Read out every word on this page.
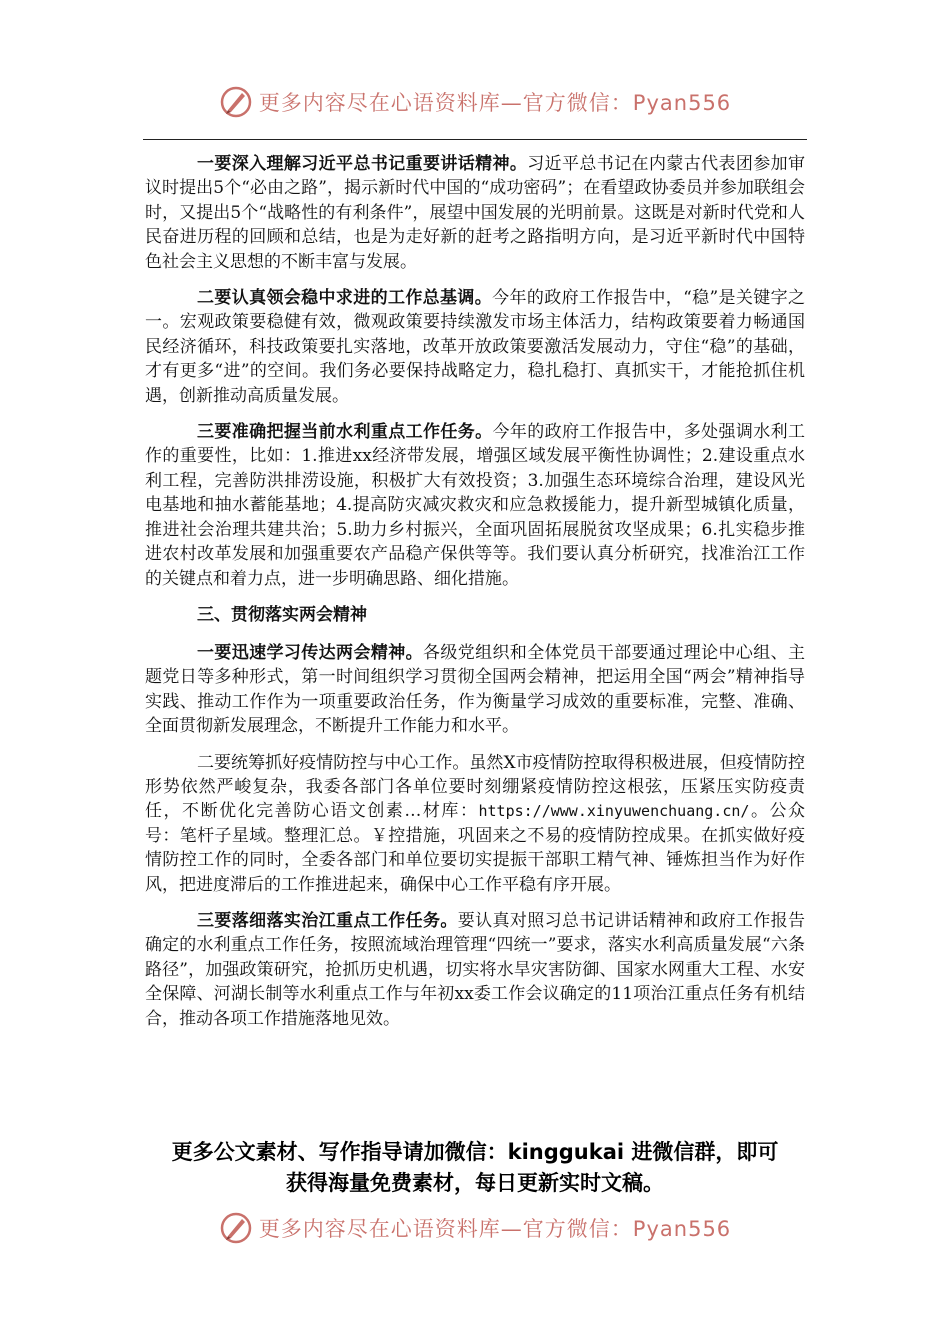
更多内容尽在心语资料库—官方微信：Pyan556

一要深入理解习近平总书记重要讲话精神。习近平总书记在内蒙古代表团参加审议时提出5个“必由之路”，揭示新时代中国的“成功密码”；在看望政协委员并参加联组会时，又提出5个“战略性的有利条件”，展望中国发展的光明前景。这既是对新时代党和人民奋进历程的回顾和总结，也是为走好新的赶考之路指明方向，是习近平新时代中国特色社会主义思想的不断丰富与发展。

二要认真领会稳中求进的工作总基调。今年的政府工作报告中，“稳”是关键字之一。宏观政策要稳健有效，微观政策要持续激发市场主体活力，结构政策要着力畅通国民经济循环，科技政策要扎实落地，改革开放政策要激活发展动力，守住“稳”的基础，才有更多“进”的空间。我们务必要保持战略定力，稳扎稳打、真抓实干，才能抢抓住机遇，创新推动高质量发展。

三要准确把握当前水利重点工作任务。今年的政府工作报告中，多处强调水利工作的重要性，比如：1.推进xx经济带发展，增强区域发展平衡性协调性；2.建设重点水利工程，完善防洪排涝设施，积极扩大有效投资；3.加强生态环境综合治理，建设风光电基地和抽水蓄能基地；4.提高防灾减灾救灾和应急救援能力，提升新型城镇化质量，推进社会治理共建共治；5.助力乡村振兴，全面巩固拓展脱贫攻坚成果；6.扎实稳步推进农村改革发展和加强重要农产品稳产保供等等。我们要认真分析研究，找准治江工作的关键点和着力点，进一步明确思路、细化措施。

三、贯彻落实两会精神

一要迅速学习传达两会精神。各级党组织和全体党员干部要通过理论中心组、主题党日等多种形式，第一时间组织学习贯彻全国两会精神，把运用全国“两会”精神指导实践、推动工作作为一项重要政治任务，作为衡量学习成效的重要标准，完整、准确、全面贯彻新发展理念，不断提升工作能力和水平。

二要统筹抓好疫情防控与中心工作。虽然X市疫情防控取得积极进展，但疫情防控形势依然严峻复杂，我委各部门各单位要时刻绷紧疫情防控这根弦，压紧压实防疫责任，不断优化完善防心语文创素…材库：https://www.xinyuwenchuang.cn/。公众号：笔杆子星域。整理汇总。￥控措施，巩固来之不易的疫情防控成果。在抓实做好疫情防控工作的同时，全委各部门和单位要切实提振干部职工精气神、锤炼担当作为好作风，把进度滞后的工作推进起来，确保中心工作平稳有序开展。

三要落细落实治江重点工作任务。要认真对照习总书记讲话精神和政府工作报告确定的水利重点工作任务，按照流域治理管理“四统一”要求，落实水利高质量发展“六条路径”，加强政策研究，抢抓历史机遇，切实将水旱灾害防御、国家水网重大工程、水安全保障、河湖长制等水利重点工作与年初xx委工作会议确定的11项治江重点任务有机结合，推动各项工作措施落地见效。

更多公文素材、写作指导请加微信：kinggukai 进微信群，即可
获得海量免费素材，每日更新实时文稿。
更多内容尽在心语资料库—官方微信：Pyan556
